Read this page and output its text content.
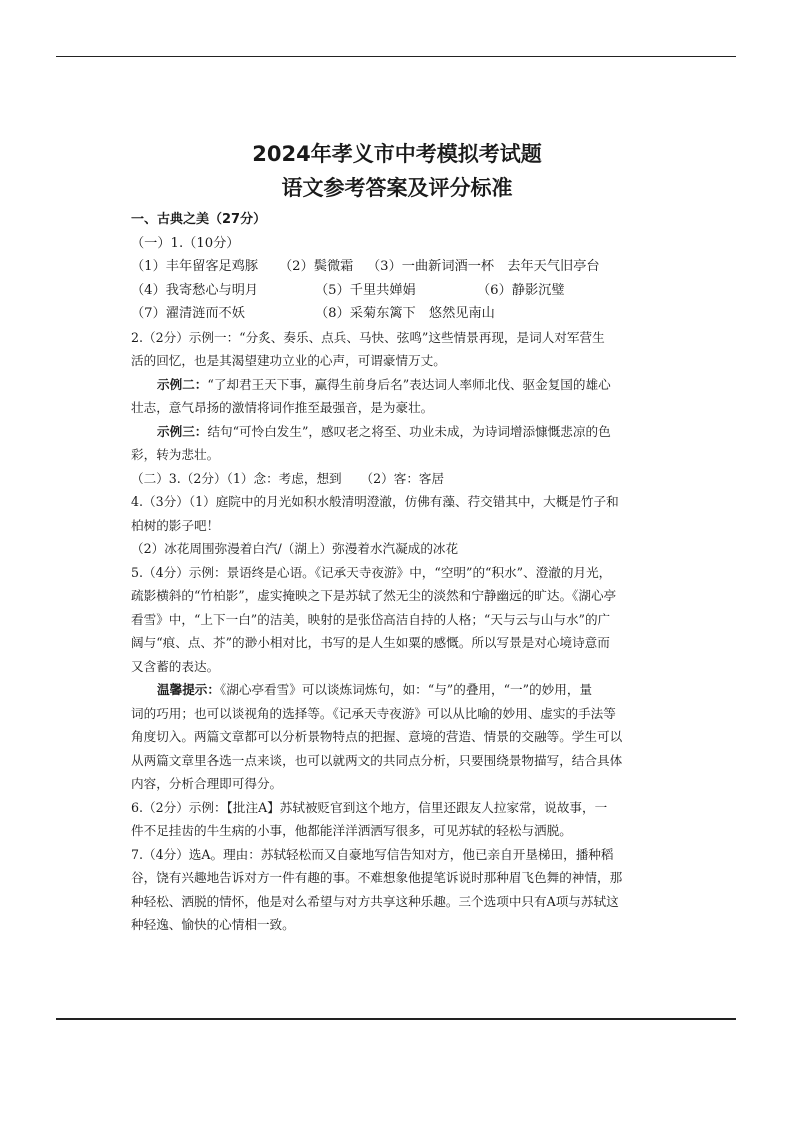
2024年孝义市中考模拟考试题
语文参考答案及评分标准
一、古典之美（27分）
（一）1.（10分）
（1）丰年留客足鸡豚 （2）鬓微霜 （3）一曲新词酒一杯　去年天气旧亭台
（4）我寄愁心与明月	（5）千里共婵娟	（6）静影沉璧
（7）濯清涟而不妖	（8）采菊东篱下　悠然见南山
2.（2分）示例一：“分炙、奏乐、点兵、马快、弦鸣”这些情景再现，是词人对军营生
活的回忆，也是其渴望建功立业的心声，可谓豪情万丈。
示例二：“了却君王天下事，赢得生前身后名”表达词人率师北伐、驱金复国的雄心
壮志，意气昂扬的激情将词作推至最强音，是为豪壮。
示例三：结句“可怜白发生”，感叹老之将至、功业未成，为诗词增添慷慨悲凉的色
彩，转为悲壮。
（二）3.（2分）（1）念：考虑，想到　　（2）客：客居
4.（3分）（1）庭院中的月光如积水般清明澄澈，仿佛有藻、荇交错其中，大概是竹子和
柏树的影子吧！
（2）冰花周围弥漫着白汽/（湖上）弥漫着水汽凝成的冰花
5.（4分）示例：景语终是心语。《记承天寺夜游》中，“空明”的“积水”、澄澈的月光，
疏影横斜的“竹柏影”，虚实掩映之下是苏轼了然无尘的淡然和宁静幽远的旷达。《湖心亭
看雪》中，“上下一白”的洁美，映射的是张岱高洁自持的人格；“天与云与山与水”的广
阔与“痕、点、芥”的渺小相对比，书写的是人生如粟的感慨。所以写景是对心境诗意而
又含蓄的表达。
温馨提示：《湖心亭看雪》可以谈炼词炼句，如：“与”的叠用，“一”的妙用，量
词的巧用；也可以谈视角的选择等。《记承天寺夜游》可以从比喻的妙用、虚实的手法等
角度切入。两篇文章都可以分析景物特点的把握、意境的营造、情景的交融等。学生可以
从两篇文章里各选一点来谈，也可以就两文的共同点分析，只要围绕景物描写，结合具体
内容，分析合理即可得分。
6.（2分）示例：【批注A】苏轼被贬官到这个地方，信里还跟友人拉家常，说故事，一
件不足挂齿的牛生病的小事，他都能洋洋洒洒写很多，可见苏轼的轻松与洒脱。
7.（4分）选A。理由：苏轼轻松而又自豪地写信告知对方，他已亲自开垦梯田，播种稻
谷，饶有兴趣地告诉对方一件有趣的事。不难想象他提笔诉说时那种眉飞色舞的神情，那
种轻松、洒脱的情怀，他是对么希望与对方共享这种乐趣。三个选项中只有A项与苏轼这
种轻逸、愉快的心情相一致。
